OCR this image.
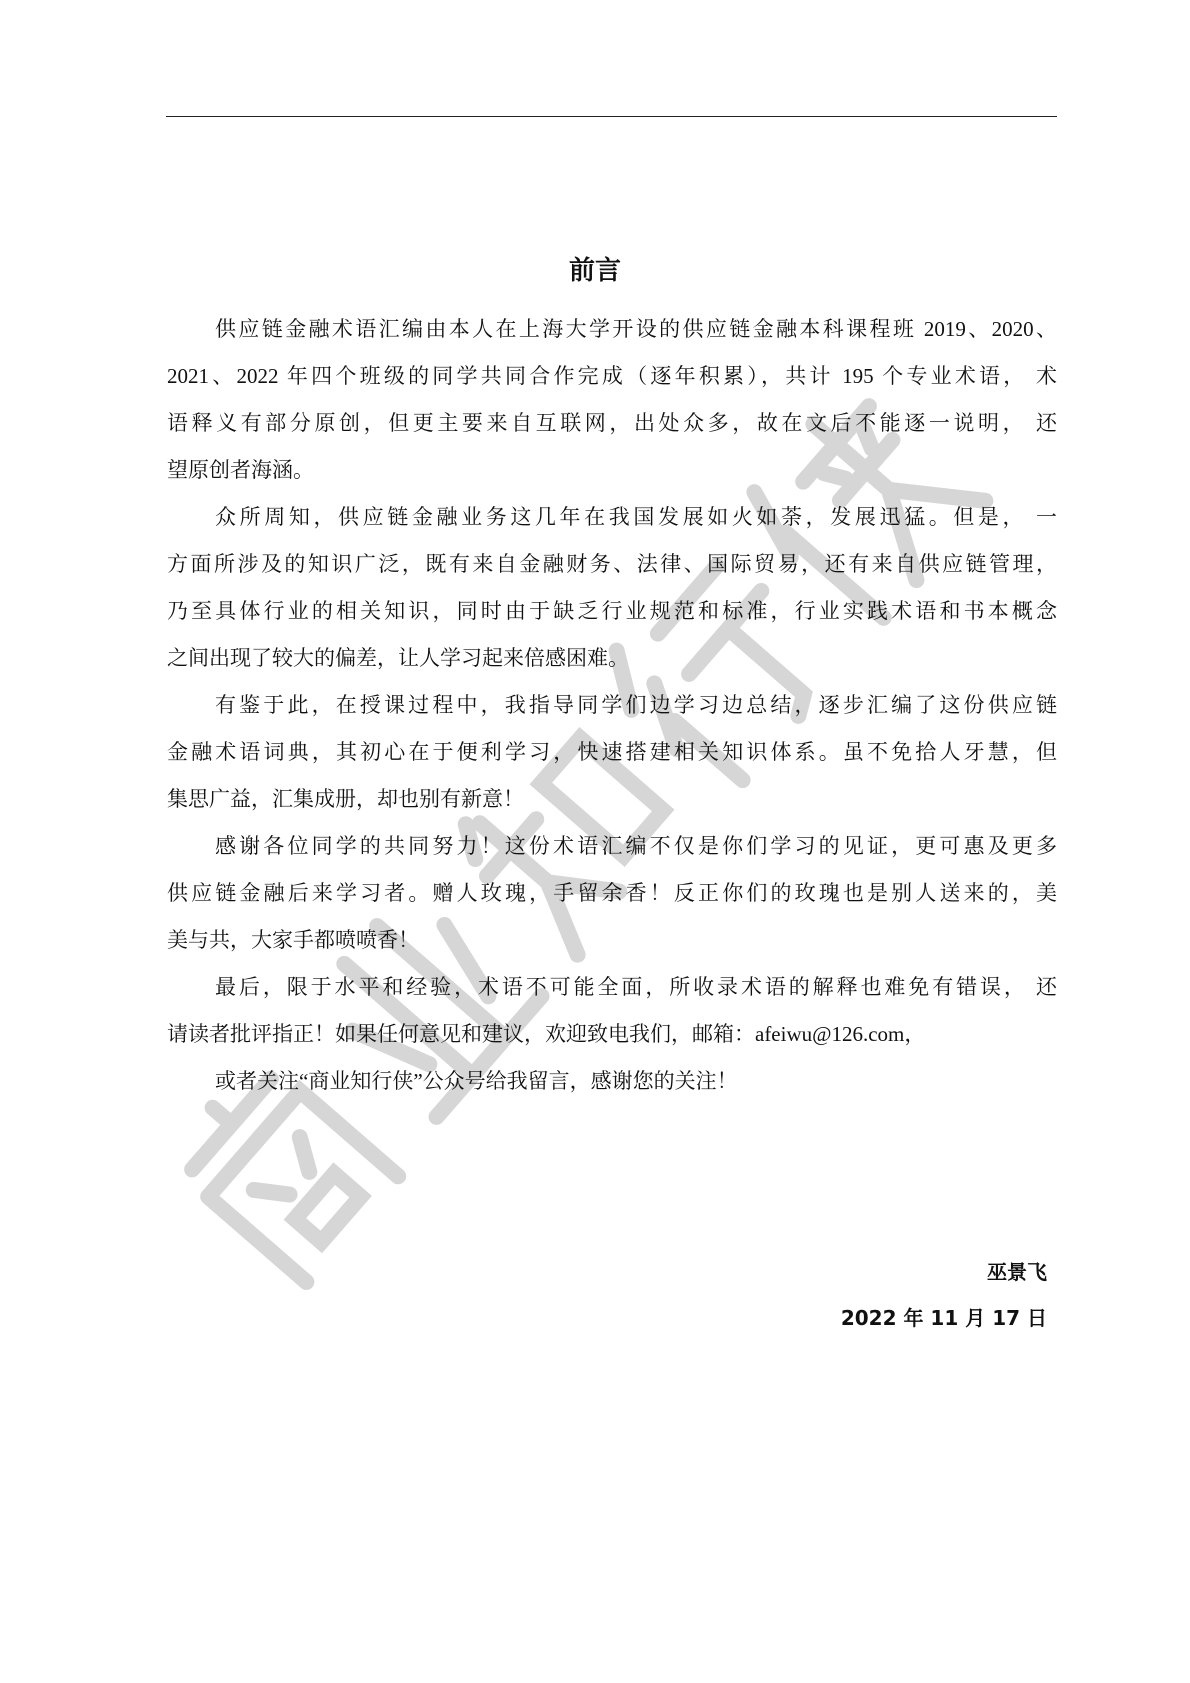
前言
供应链金融术语汇编由本人在上海大学开设的供应链金融本科课程班 2019、2020、
2021、2022 年四个班级的同学共同合作完成（逐年积累），共计 195 个专业术语， 术
语释义有部分原创，但更主要来自互联网，出处众多，故在文后不能逐一说明， 还
望原创者海涵。
众所周知，供应链金融业务这几年在我国发展如火如荼，发展迅猛。但是， 一
方面所涉及的知识广泛，既有来自金融财务、法律、国际贸易，还有来自供应链管理，
乃至具体行业的相关知识，同时由于缺乏行业规范和标准，行业实践术语和书本概念
之间出现了较大的偏差，让人学习起来倍感困难。
有鉴于此，在授课过程中，我指导同学们边学习边总结，逐步汇编了这份供应链
金融术语词典，其初心在于便利学习，快速搭建相关知识体系。虽不免拾人牙慧，但
集思广益，汇集成册，却也别有新意！
感谢各位同学的共同努力！这份术语汇编不仅是你们学习的见证，更可惠及更多
供应链金融后来学习者。赠人玫瑰，手留余香！反正你们的玫瑰也是别人送来的，美
美与共，大家手都喷喷香！
最后，限于水平和经验，术语不可能全面，所收录术语的解释也难免有错误， 还
请读者批评指正！如果任何意见和建议，欢迎致电我们，邮箱：afeiwu@126.com，
或者关注“商业知行侠”公众号给我留言，感谢您的关注！
巫景飞
2022 年 11 月 17 日
